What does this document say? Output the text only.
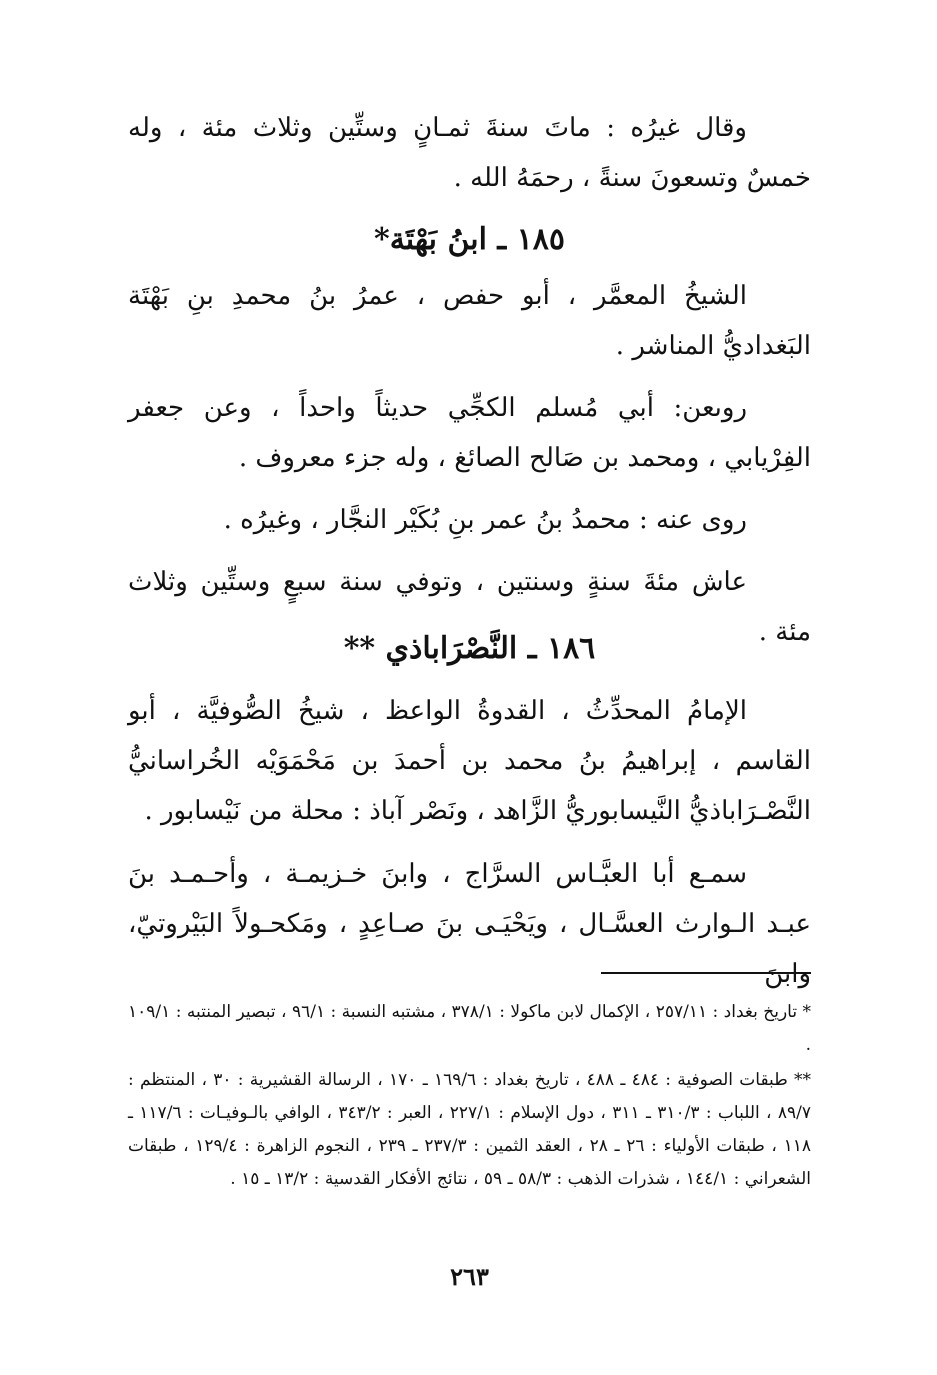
وقال غيرُه : ماتَ سنةَ ثمـانٍ وستِّين وثلاث مئة ، وله خمسٌ وتسعونَ سنةً ، رحمَهُ الله .

١٨٥ ـ ابنُ بَهْتَة*

الشيخُ المعمَّر ، أبو حفص ، عمرُ بنُ محمدِ بنِ بَهْتَة البَغداديُّ المناشر .

روىعن: أبي مُسلم الكجِّي حديثاً واحداً ، وعن جعفر الفِرْيابي ، ومحمد بن صَالح الصائغ ، وله جزء معروف .

روى عنه : محمدُ بنُ عمر بنِ بُكَيْر النجَّار ، وغيرُه .

عاش مئةَ سنةٍ وسنتين ، وتوفي سنة سبعٍ وستِّين وثلاث مئة .

١٨٦ ـ النَّصْرَاباذي **

الإمامُ المحدِّثُ ، القدوةُ الواعظ ، شيخُ الصُّوفيَّة ، أبو القاسم ، إبراهيمُ بنُ محمد بن أحمدَ بن مَحْمَوَيْه الخُراسانيُّ النَّصْـرَاباذيُّ النَّيسابوريُّ الزَّاهد ، ونَصْر آباذ : محلة من نَيْسابور .

سمـع أبا العبَّـاس السرَّاج ، وابنَ خـزيمـة ، وأحـمـد بنَ عبـد الـوارث العسَّـال ، ويَحْيَـى بنَ صـاعِدٍ ، ومَكحـولاً البَيْروتيّ، وابنَ

* تاريخ بغداد : ٢٥٧/١١ ، الإكمال لابن ماكولا : ٣٧٨/١ ، مشتبه النسبة : ٩٦/١ ، تبصير المنتبه : ١٠٩/١ .

** طبقات الصوفية : ٤٨٤ ـ ٤٨٨ ، تاريخ بغداد : ١٦٩/٦ ـ ١٧٠ ، الرسالة القشيرية : ٣٠ ، المنتظم : ٨٩/٧ ، اللباب : ٣١٠/٣ ـ ٣١١ ، دول الإسلام : ٢٢٧/١ ، العبر : ٣٤٣/٢ ، الوافي بالـوفيـات : ١١٧/٦ ـ ١١٨ ، طبقات الأولياء : ٢٦ ـ ٢٨ ، العقد الثمين : ٢٣٧/٣ ـ ٢٣٩ ، النجوم الزاهرة : ١٢٩/٤ ، طبقات الشعراني : ١٤٤/١ ، شذرات الذهب : ٥٨/٣ ـ ٥٩ ، نتائج الأفكار القدسية : ١٣/٢ ـ ١٥ .

٢٦٣
